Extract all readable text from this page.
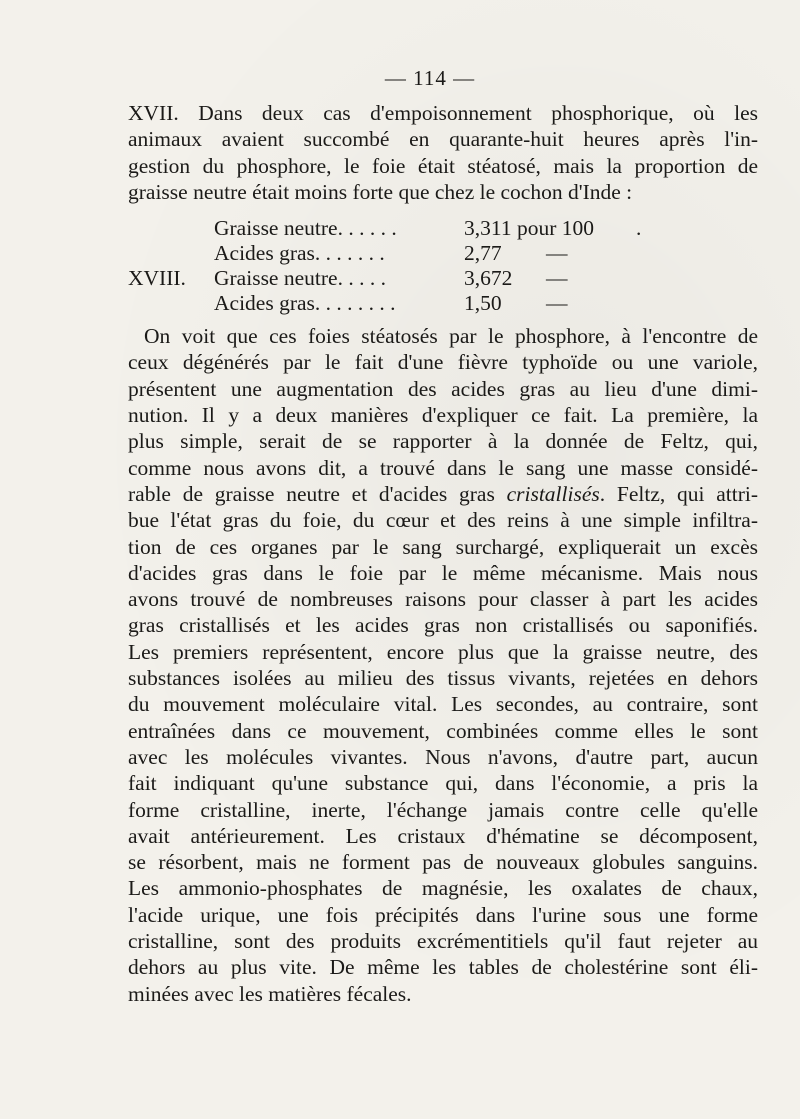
— 114 —
XVII. Dans deux cas d'empoisonnement phosphorique, où les
animaux avaient succombé en quarante-huit heures après l'in-
gestion du phosphore, le foie était stéatosé, mais la proportion de
graisse neutre était moins forte que chez le cochon d'Inde :
Graisse neutre. . . . . .	3,311 pour 100 .
Acides gras. . . . . . .	2,77 —
XVIII. Graisse neutre. . . . .	3,672 —
Acides gras. . . . . . . .	1,50 —
On voit que ces foies stéatosés par le phosphore, à l'encontre de
ceux dégénérés par le fait d'une fièvre typhoïde ou une variole,
présentent une augmentation des acides gras au lieu d'une dimi-
nution. Il y a deux manières d'expliquer ce fait. La première, la
plus simple, serait de se rapporter à la donnée de Feltz, qui,
comme nous avons dit, a trouvé dans le sang une masse considé-
rable de graisse neutre et d'acides gras cristallisés. Feltz, qui attri-
bue l'état gras du foie, du cœur et des reins à une simple infiltra-
tion de ces organes par le sang surchargé, expliquerait un excès
d'acides gras dans le foie par le même mécanisme. Mais nous
avons trouvé de nombreuses raisons pour classer à part les acides
gras cristallisés et les acides gras non cristallisés ou saponifiés.
Les premiers représentent, encore plus que la graisse neutre, des
substances isolées au milieu des tissus vivants, rejetées en dehors
du mouvement moléculaire vital. Les secondes, au contraire, sont
entraînées dans ce mouvement, combinées comme elles le sont
avec les molécules vivantes. Nous n'avons, d'autre part, aucun
fait indiquant qu'une substance qui, dans l'économie, a pris la
forme cristalline, inerte, l'échange jamais contre celle qu'elle
avait antérieurement. Les cristaux d'hématine se décomposent,
se résorbent, mais ne forment pas de nouveaux globules sanguins.
Les ammonio-phosphates de magnésie, les oxalates de chaux,
l'acide urique, une fois précipités dans l'urine sous une forme
cristalline, sont des produits excrémentitiels qu'il faut rejeter au
dehors au plus vite. De même les tables de cholestérine sont éli-
minées avec les matières fécales.
